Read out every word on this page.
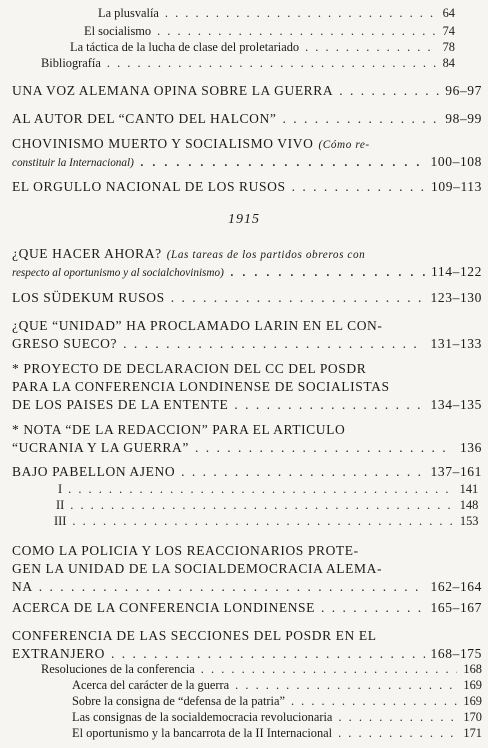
La plusvalía . . .	64
El socialismo . . .	74
La táctica de la lucha de clase del proletariado . . .	78
Bibliografía . . .	84
UNA VOZ ALEMANA OPINA SOBRE LA GUERRA . . .	96–97
AL AUTOR DEL “CANTO DEL HALCON” . . .	98–99
CHOVINISMO MUERTO Y SOCIALISMO VIVO (Cómo re-
constituir la Internacional) . . .	100–108
EL ORGULLO NACIONAL DE LOS RUSOS . . .	109–113
1915
¿QUE HACER AHORA? (Las tareas de los partidos obreros con
respecto al oportunismo y al socialchovinismo) . . .	114–122
LOS SÜDEKUM RUSOS . . .	123–130
¿QUE “UNIDAD” HA PROCLAMADO LARIN EN EL CON-
GRESO SUECO? . . .	131–133
* PROYECTO DE DECLARACION DEL CC DEL POSDR
PARA LA CONFERENCIA LONDINENSE DE SOCIALISTAS
DE LOS PAISES DE LA ENTENTE . . .	134–135
* NOTA “DE LA REDACCION” PARA EL ARTICULO
“UCRANIA Y LA GUERRA” . . .	136
BAJO PABELLON AJENO . . .	137–161
I . . .	141
II . . .	148
III . . .	153
COMO LA POLICIA Y LOS REACCIONARIOS PROTE-
GEN LA UNIDAD DE LA SOCIALDEMOCRACIA ALEMA-
NA . . .	162–164
ACERCA DE LA CONFERENCIA LONDINENSE . . .	165–167
CONFERENCIA DE LAS SECCIONES DEL POSDR EN EL
EXTRANJERO . . .	168–175
Resoluciones de la conferencia . . .	168
Acerca del carácter de la guerra . . .	169
Sobre la consigna de “defensa de la patria” . . .	169
Las consignas de la socialdemocracia revolucionaria . . .	170
El oportunismo y la bancarrota de la II Internacional . . .	171
